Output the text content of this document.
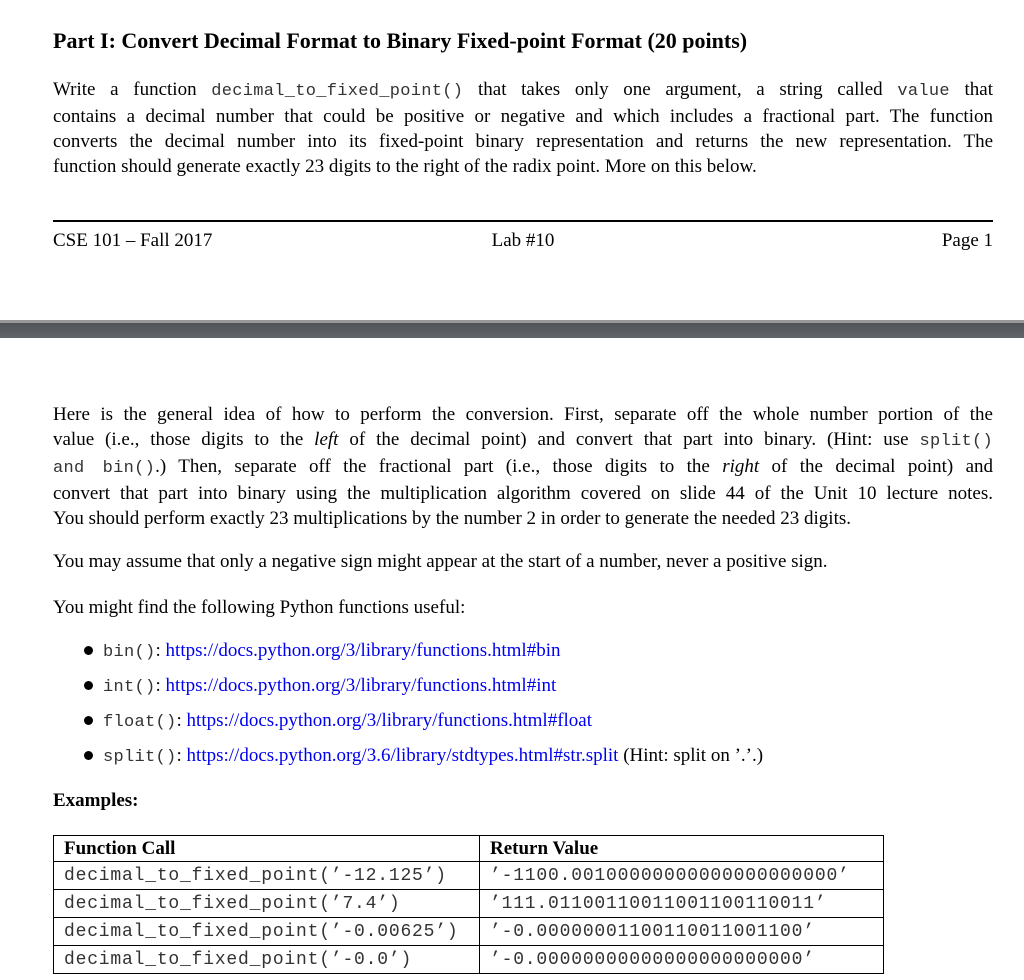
Part I: Convert Decimal Format to Binary Fixed-point Format (20 points)
Write a function decimal_to_fixed_point() that takes only one argument, a string called value that
contains a decimal number that could be positive or negative and which includes a fractional part. The function
converts the decimal number into its fixed-point binary representation and returns the new representation. The
function should generate exactly 23 digits to the right of the radix point. More on this below.
CSE 101 – Fall 2017	Lab #10	Page 1
Here is the general idea of how to perform the conversion. First, separate off the whole number portion of the
value (i.e., those digits to the left of the decimal point) and convert that part into binary. (Hint: use split()
and bin().) Then, separate off the fractional part (i.e., those digits to the right of the decimal point) and
convert that part into binary using the multiplication algorithm covered on slide 44 of the Unit 10 lecture notes.
You should perform exactly 23 multiplications by the number 2 in order to generate the needed 23 digits.

You may assume that only a negative sign might appear at the start of a number, never a positive sign.

You might find the following Python functions useful:

bin(): https://docs.python.org/3/library/functions.html#bin
int(): https://docs.python.org/3/library/functions.html#int
float(): https://docs.python.org/3/library/functions.html#float
split(): https://docs.python.org/3.6/library/stdtypes.html#str.split (Hint: split on ’.’.)

Examples:

Function Call	Return Value
decimal_to_fixed_point(’-12.125’)	’-1100.00100000000000000000000’
decimal_to_fixed_point(’7.4’)	’111.01100110011001100110011’
decimal_to_fixed_point(’-0.00625’)	’-0.00000001100110011001100’
decimal_to_fixed_point(’-0.0’)	’-0.00000000000000000000000’
